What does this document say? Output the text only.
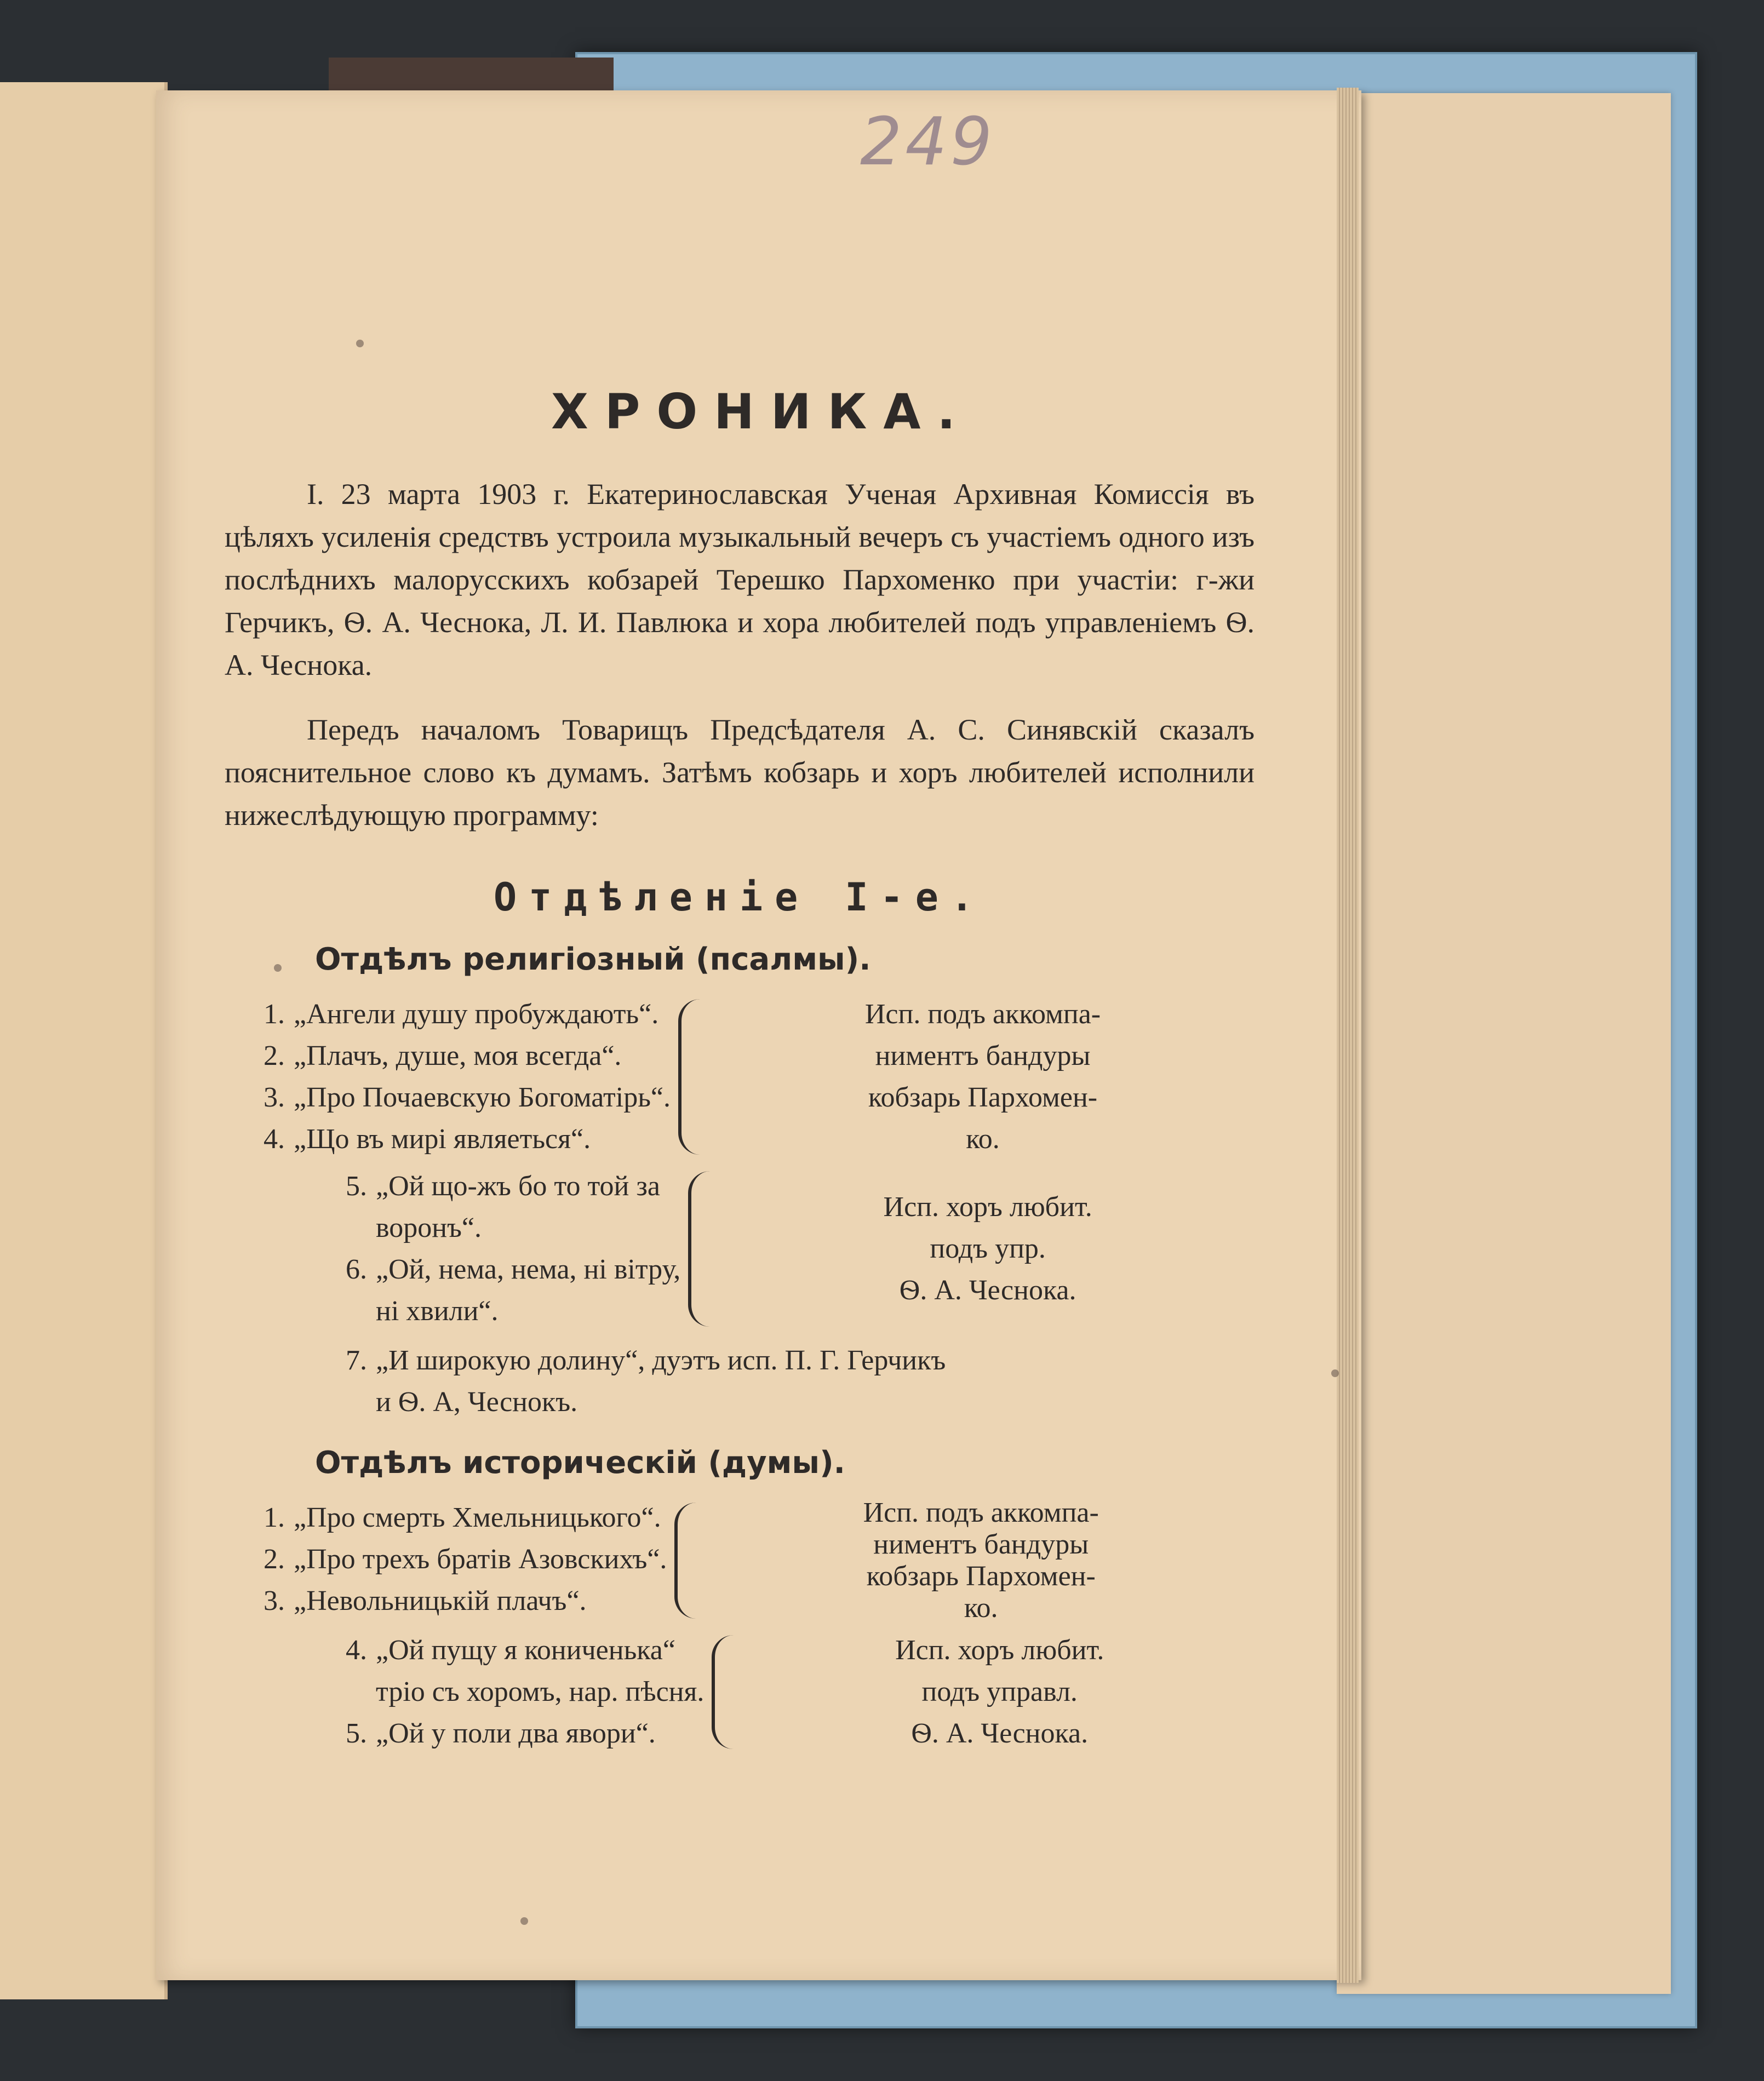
249
ХРОНИКА.

I. 23 марта 1903 г. Екатеринославская Ученая Архивная Комиссія въ цѣляхъ усиленія средствъ устроила музыкальный вечеръ съ участіемъ одного изъ послѣднихъ малорусскихъ кобзарей Терешко Пархоменко при участіи: г-жи Герчикъ, Ѳ. А. Чеснока, Л. И. Павлюка и хора любителей подъ управленіемъ Ѳ. А. Чеснока.

Передъ началомъ Товарищъ Предсѣдателя А. С. Синявскій сказалъ пояснительное слово къ думамъ. Затѣмъ кобзарь и хоръ любителей исполнили нижеслѣдующую программу:

Отдѣленіе I-е.
Отдѣлъ религіозный (псалмы).
1. „Ангели душу пробуждають“.
2. „Плачъ, душе, моя всегда“.
3. „Про Почаевскую Богоматірь“.
4. „Що въ мирі являеться“.
Исп. подъ аккомпа-
ниментъ бандуры
кобзарь Пархомен-
ко.
5. „Ой що-жъ бо то той за
воронъ“.
6. „Ой, нема, нема, ні вітру,
ні хвили“.
Исп. хоръ любит.
подъ упр.
Ѳ. А. Чеснока.
7. „И широкую долину“, дуэтъ исп. П. Г. Герчикъ
и Ѳ. А, Чеснокъ.
Отдѣлъ историческій (думы).
1. „Про смерть Хмельницького“.
2. „Про трехъ братів Азовскихъ“.
3. „Невольницькій плачъ“.
Исп. подъ аккомпа-
ниментъ бандуры
кобзарь Пархомен-
ко.
4. „Ой пущу я коничeнька“
тріо съ хоромъ, нар. пѣсня.
5. „Ой у поли два явори“.
Исп. хоръ любит.
подъ управл.
Ѳ. А. Чеснока.
